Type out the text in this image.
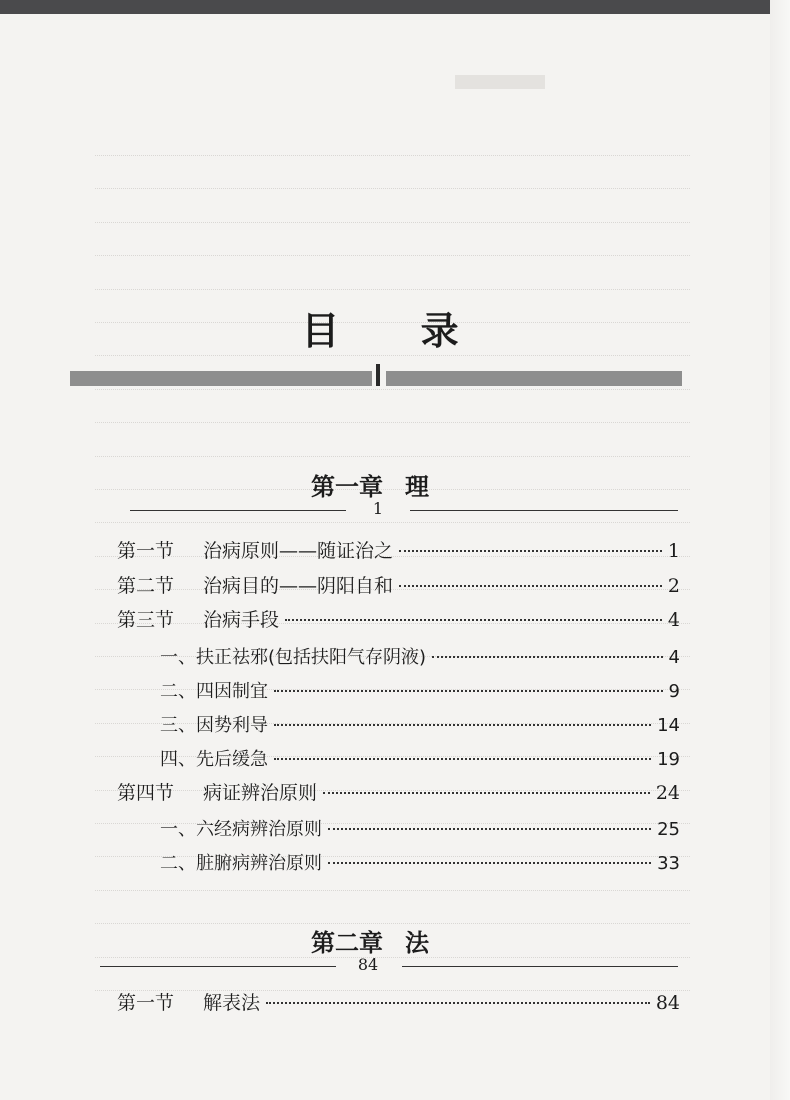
目 录
第一章 理
1
第一节	治病原则——随证治之	1
第二节	治病目的——阴阳自和	2
第三节	治病手段	4
一、扶正祛邪(包括扶阳气存阴液)	4
二、四因制宜	9
三、因势利导	14
四、先后缓急	19
第四节	病证辨治原则	24
一、六经病辨治原则	25
二、脏腑病辨治原则	33
第二章 法
84
第一节	解表法	84
